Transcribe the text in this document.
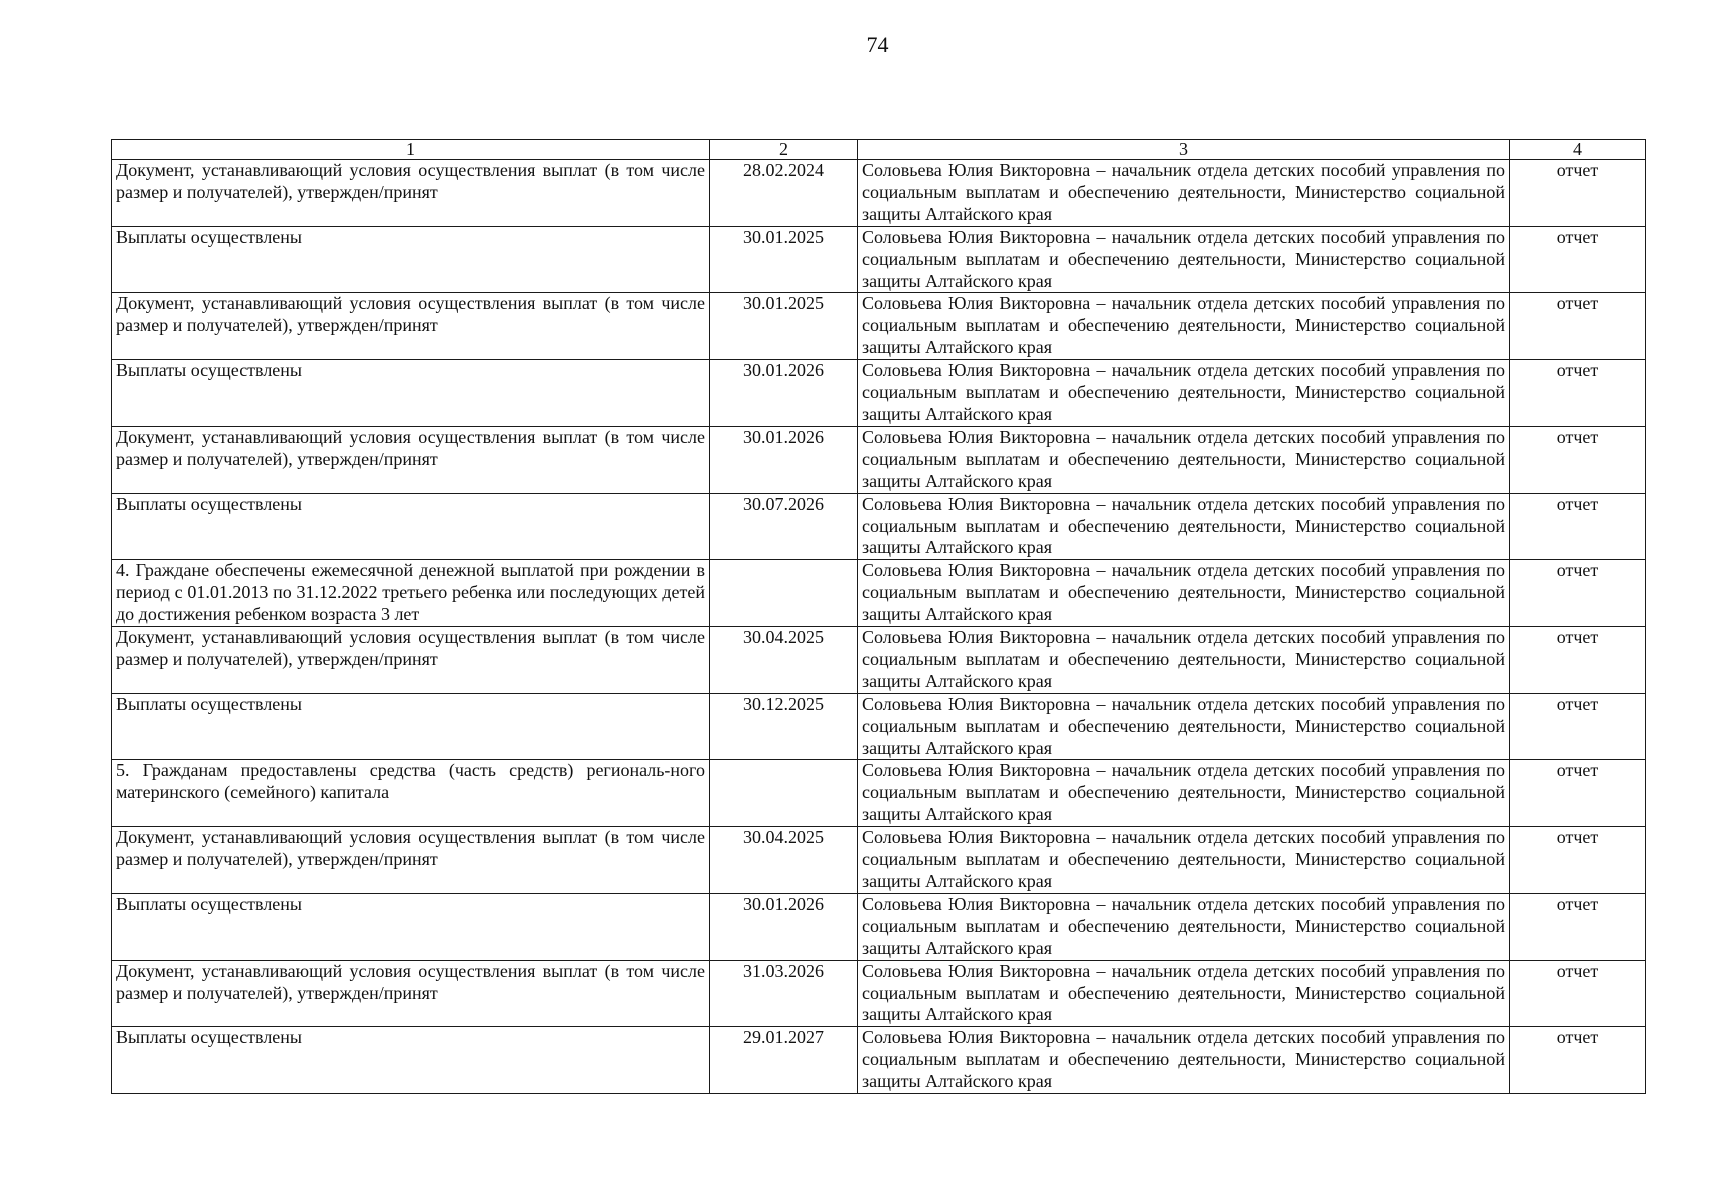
74
1	2	3	4
Документ, устанавливающий условия осуществления выплат (в том числе размер и получателей), утвержден/принят	28.02.2024	Соловьева Юлия Викторовна – начальник отдела детских пособий управления по социальным выплатам и обеспечению деятельности, Министерство социальной защиты Алтайского края	отчет
Выплаты осуществлены	30.01.2025	Соловьева Юлия Викторовна – начальник отдела детских пособий управления по социальным выплатам и обеспечению деятельности, Министерство социальной защиты Алтайского края	отчет
Документ, устанавливающий условия осуществления выплат (в том числе размер и получателей), утвержден/принят	30.01.2025	Соловьева Юлия Викторовна – начальник отдела детских пособий управления по социальным выплатам и обеспечению деятельности, Министерство социальной защиты Алтайского края	отчет
Выплаты осуществлены	30.01.2026	Соловьева Юлия Викторовна – начальник отдела детских пособий управления по социальным выплатам и обеспечению деятельности, Министерство социальной защиты Алтайского края	отчет
Документ, устанавливающий условия осуществления выплат (в том числе размер и получателей), утвержден/принят	30.01.2026	Соловьева Юлия Викторовна – начальник отдела детских пособий управления по социальным выплатам и обеспечению деятельности, Министерство социальной защиты Алтайского края	отчет
Выплаты осуществлены	30.07.2026	Соловьева Юлия Викторовна – начальник отдела детских пособий управления по социальным выплатам и обеспечению деятельности, Министерство социальной защиты Алтайского края	отчет
4. Граждане обеспечены ежемесячной денежной выплатой при рождении в период с 01.01.2013 по 31.12.2022 третьего ребенка или последующих детей до достижения ребенком возраста 3 лет		Соловьева Юлия Викторовна – начальник отдела детских пособий управления по социальным выплатам и обеспечению деятельности, Министерство социальной защиты Алтайского края	отчет
Документ, устанавливающий условия осуществления выплат (в том числе размер и получателей), утвержден/принят	30.04.2025	Соловьева Юлия Викторовна – начальник отдела детских пособий управления по социальным выплатам и обеспечению деятельности, Министерство социальной защиты Алтайского края	отчет
Выплаты осуществлены	30.12.2025	Соловьева Юлия Викторовна – начальник отдела детских пособий управления по социальным выплатам и обеспечению деятельности, Министерство социальной защиты Алтайского края	отчет
5. Гражданам предоставлены средства (часть средств) региональ-ного материнского (семейного) капитала		Соловьева Юлия Викторовна – начальник отдела детских пособий управления по социальным выплатам и обеспечению деятельности, Министерство социальной защиты Алтайского края	отчет
Документ, устанавливающий условия осуществления выплат (в том числе размер и получателей), утвержден/принят	30.04.2025	Соловьева Юлия Викторовна – начальник отдела детских пособий управления по социальным выплатам и обеспечению деятельности, Министерство социальной защиты Алтайского края	отчет
Выплаты осуществлены	30.01.2026	Соловьева Юлия Викторовна – начальник отдела детских пособий управления по социальным выплатам и обеспечению деятельности, Министерство социальной защиты Алтайского края	отчет
Документ, устанавливающий условия осуществления выплат (в том числе размер и получателей), утвержден/принят	31.03.2026	Соловьева Юлия Викторовна – начальник отдела детских пособий управления по социальным выплатам и обеспечению деятельности, Министерство социальной защиты Алтайского края	отчет
Выплаты осуществлены	29.01.2027	Соловьева Юлия Викторовна – начальник отдела детских пособий управления по социальным выплатам и обеспечению деятельности, Министерство социальной защиты Алтайского края	отчет
